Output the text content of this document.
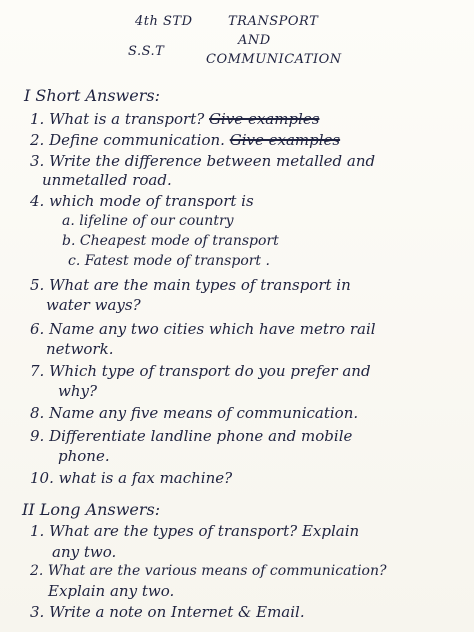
4th STD	TRANSPORT
AND
S.S.T
COMMUNICATION
I Short Answers:
1. What is a transport? Give examples
2. Define communication. Give examples
3. Write the difference between metalled and
unmetalled road.
4. which mode of transport is
a. lifeline of our country
b. Cheapest mode of transport
c. Fatest mode of transport .
5. What are the main types of transport in
water ways?
6. Name any two cities which have metro rail
network.
7. Which type of transport do you prefer and
why?
8. Name any five means of communication.
9. Differentiate landline phone and mobile
phone.
10. what is a fax machine?
II Long Answers:
1. What are the types of transport? Explain
any two.
2. What are the various means of communication?
Explain any two.
3. Write a note on Internet & Email.
